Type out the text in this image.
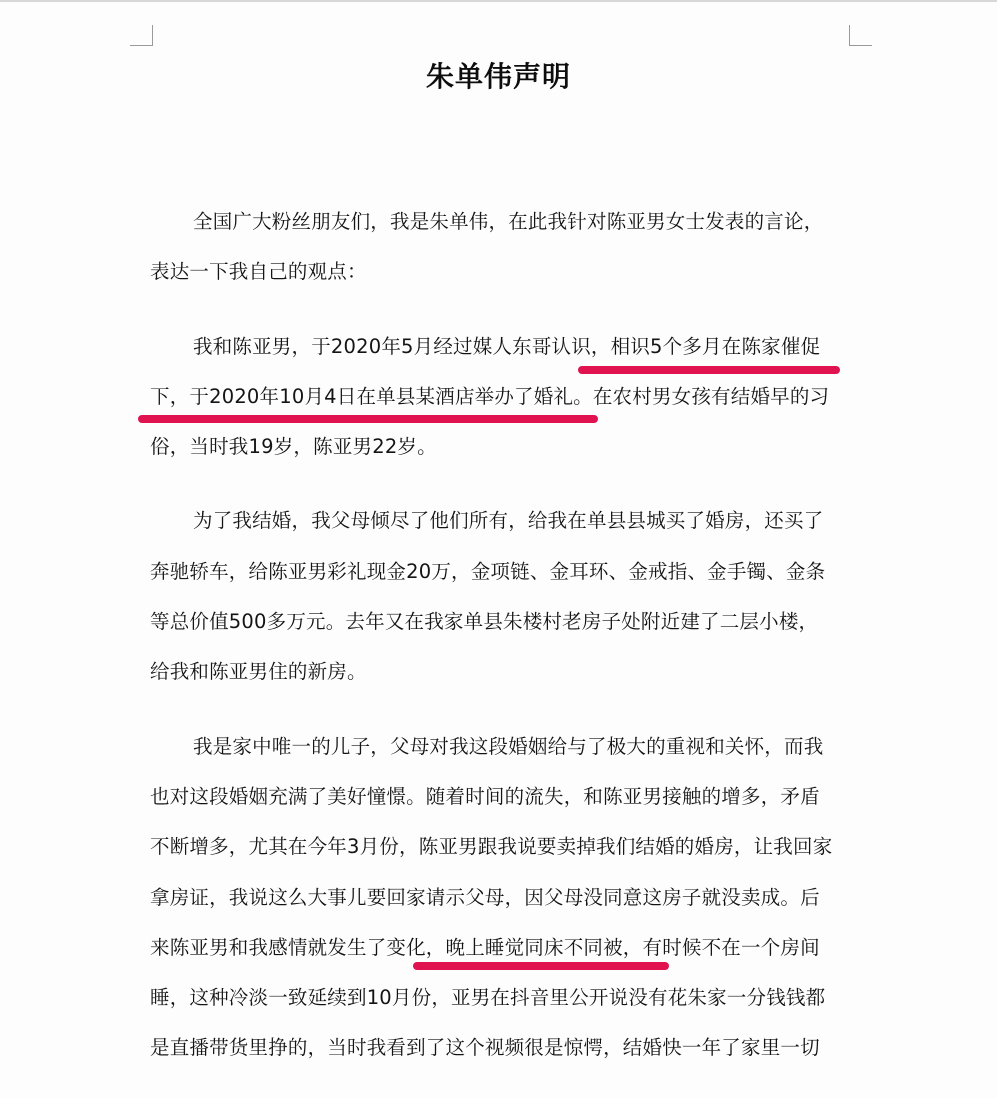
朱单伟声明
全国广大粉丝朋友们，我是朱单伟，在此我针对陈亚男女士发表的言论，
表达一下我自己的观点：
我和陈亚男，于2020年5月经过媒人东哥认识，相识5个多月在陈家催促
下，于2020年10月4日在单县某酒店举办了婚礼。在农村男女孩有结婚早的习
俗，当时我19岁，陈亚男22岁。
为了我结婚，我父母倾尽了他们所有，给我在单县县城买了婚房，还买了
奔驰轿车，给陈亚男彩礼现金20万，金项链、金耳环、金戒指、金手镯、金条
等总价值500多万元。去年又在我家单县朱楼村老房子处附近建了二层小楼，
给我和陈亚男住的新房。
我是家中唯一的儿子，父母对我这段婚姻给与了极大的重视和关怀，而我
也对这段婚姻充满了美好憧憬。随着时间的流失，和陈亚男接触的增多，矛盾
不断增多，尤其在今年3月份，陈亚男跟我说要卖掉我们结婚的婚房，让我回家
拿房证，我说这么大事儿要回家请示父母，因父母没同意这房子就没卖成。后
来陈亚男和我感情就发生了变化，晚上睡觉同床不同被，有时候不在一个房间
睡，这种冷淡一致延续到10月份，亚男在抖音里公开说没有花朱家一分钱钱都
是直播带货里挣的，当时我看到了这个视频很是惊愕，结婚快一年了家里一切
